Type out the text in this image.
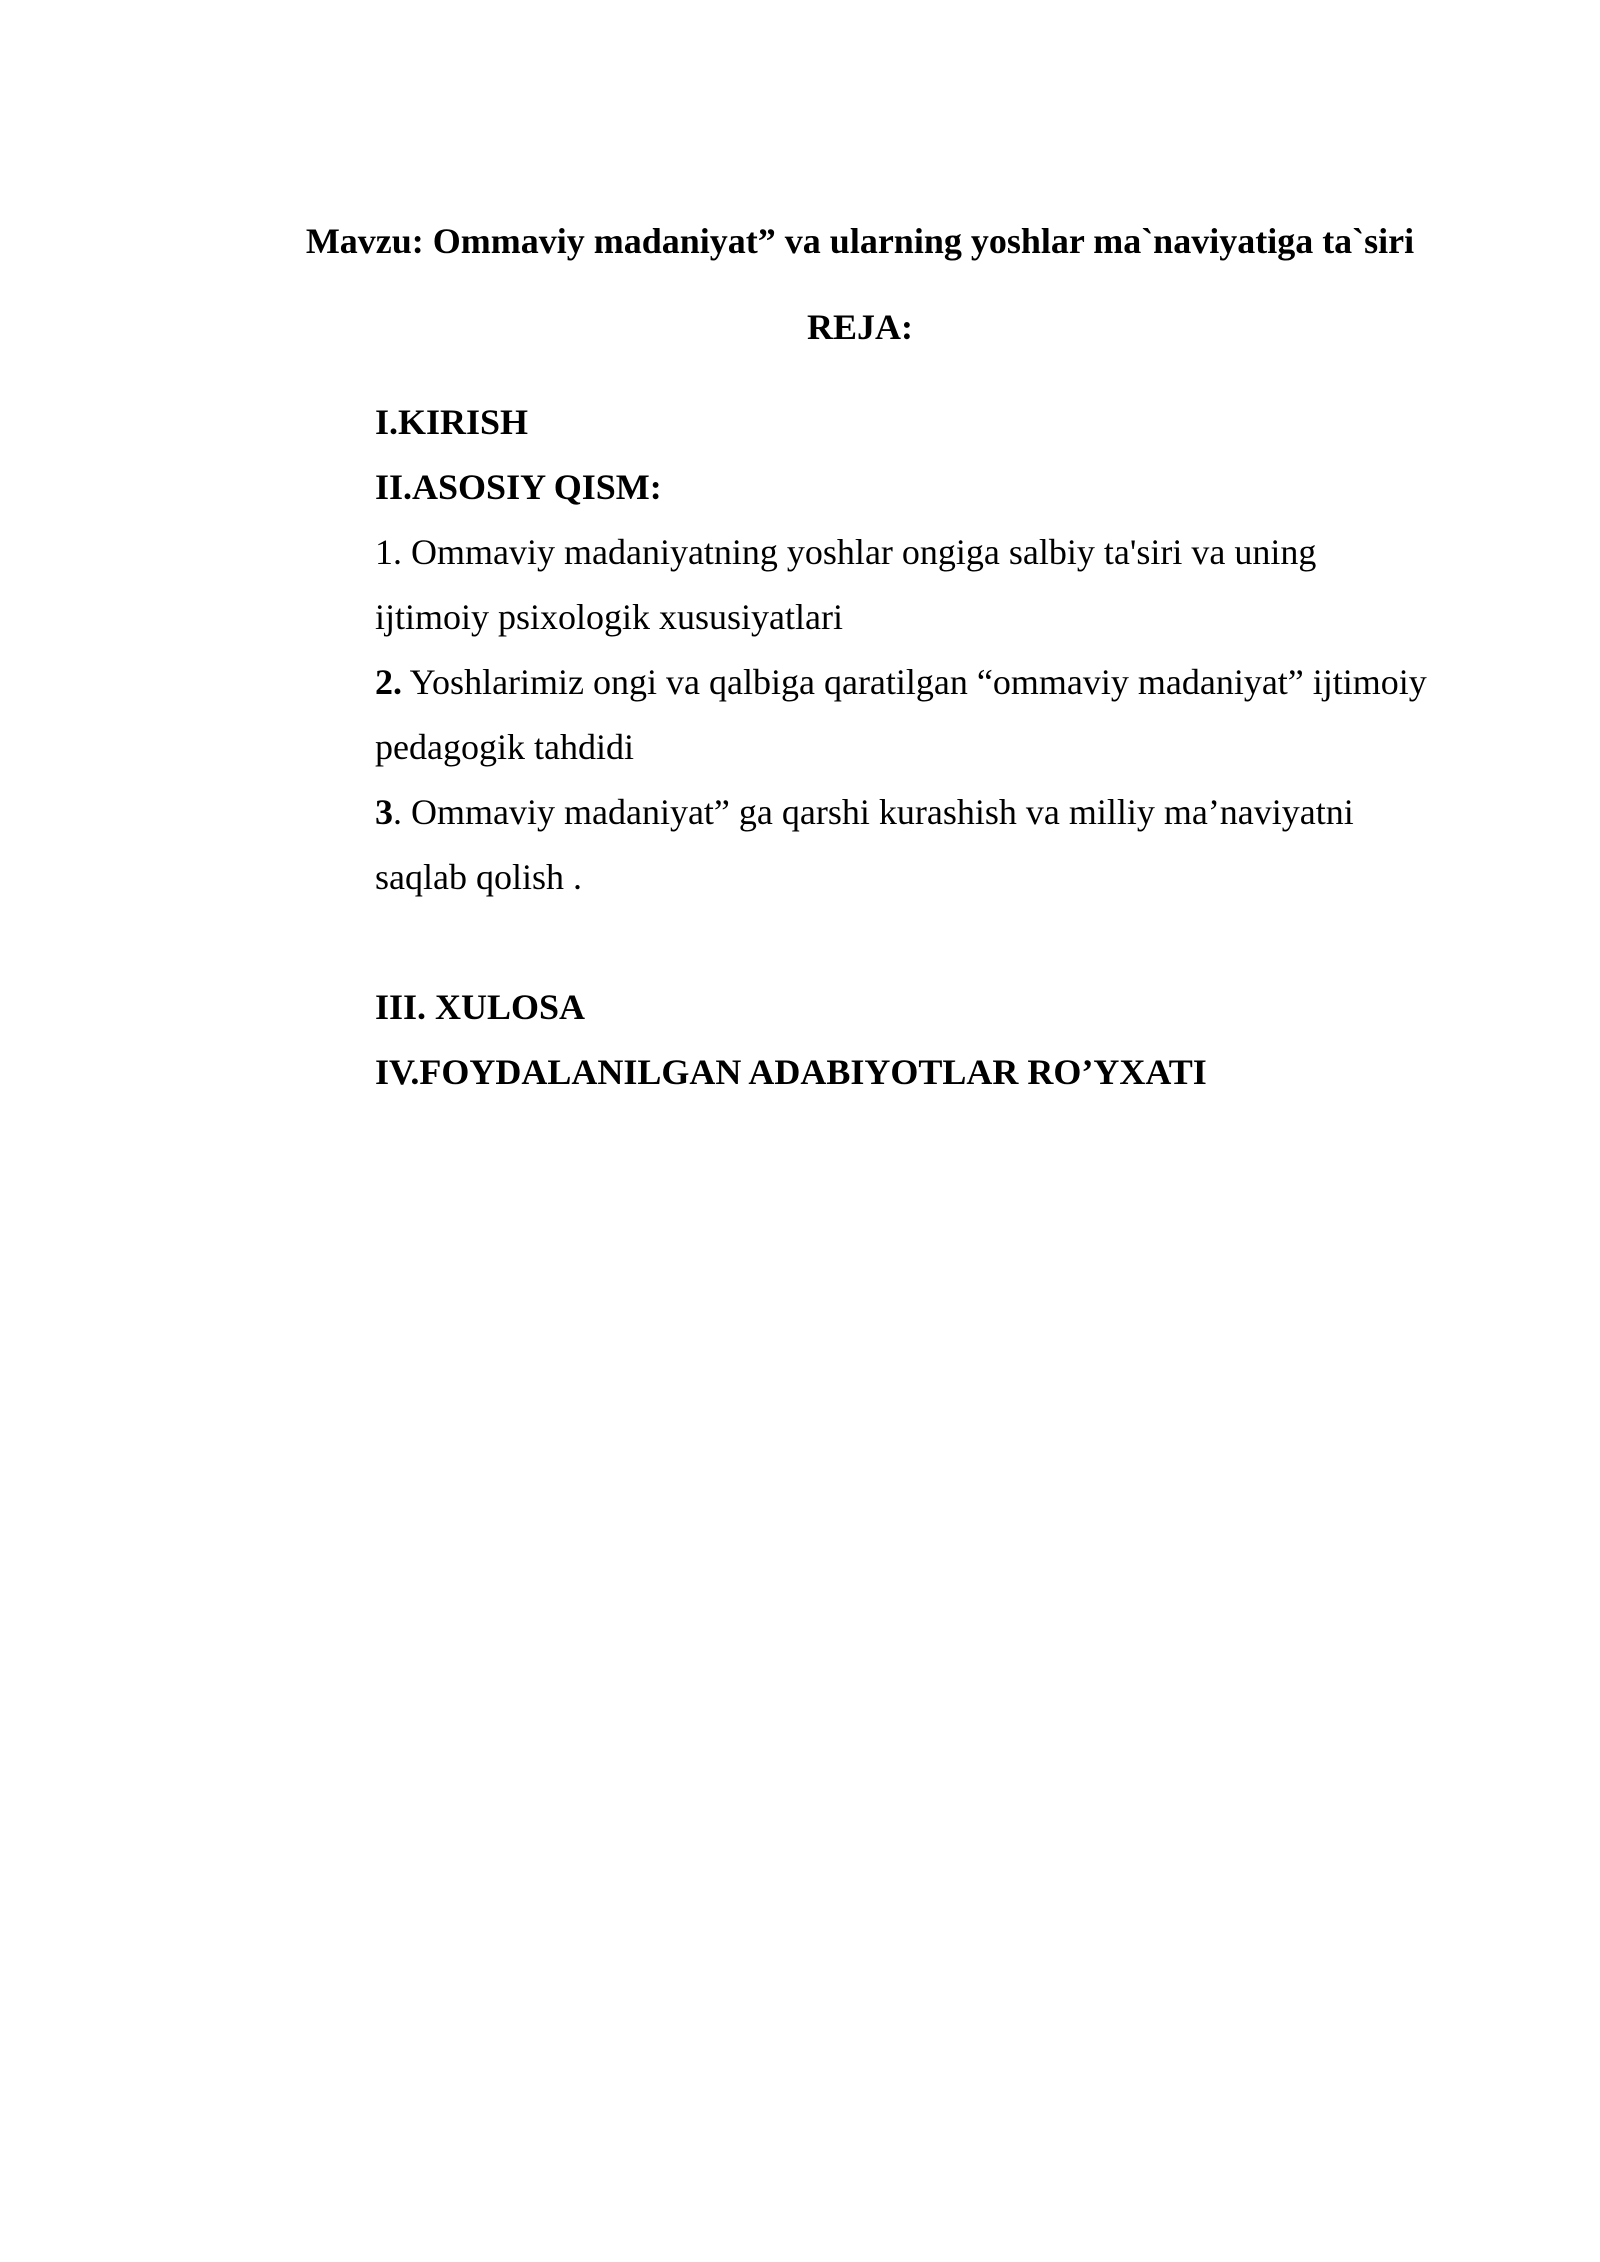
Mavzu: Ommaviy madaniyat” va ularning yoshlar ma`naviyatiga ta`siri
REJA:
I.KIRISH
II.ASOSIY QISM:
1. Ommaviy madaniyatning yoshlar ongiga salbiy ta'siri va uning
ijtimoiy psixologik xususiyatlari
2. Yoshlarimiz ongi va qalbiga qaratilgan “ommaviy madaniyat” ijtimoiy
pedagogik tahdidi
3. Ommaviy madaniyat” ga qarshi kurashish va milliy ma’naviyatni
saqlab qolish .
III. XULOSA
IV.FOYDALANILGAN ADABIYOTLAR RO’YXATI
